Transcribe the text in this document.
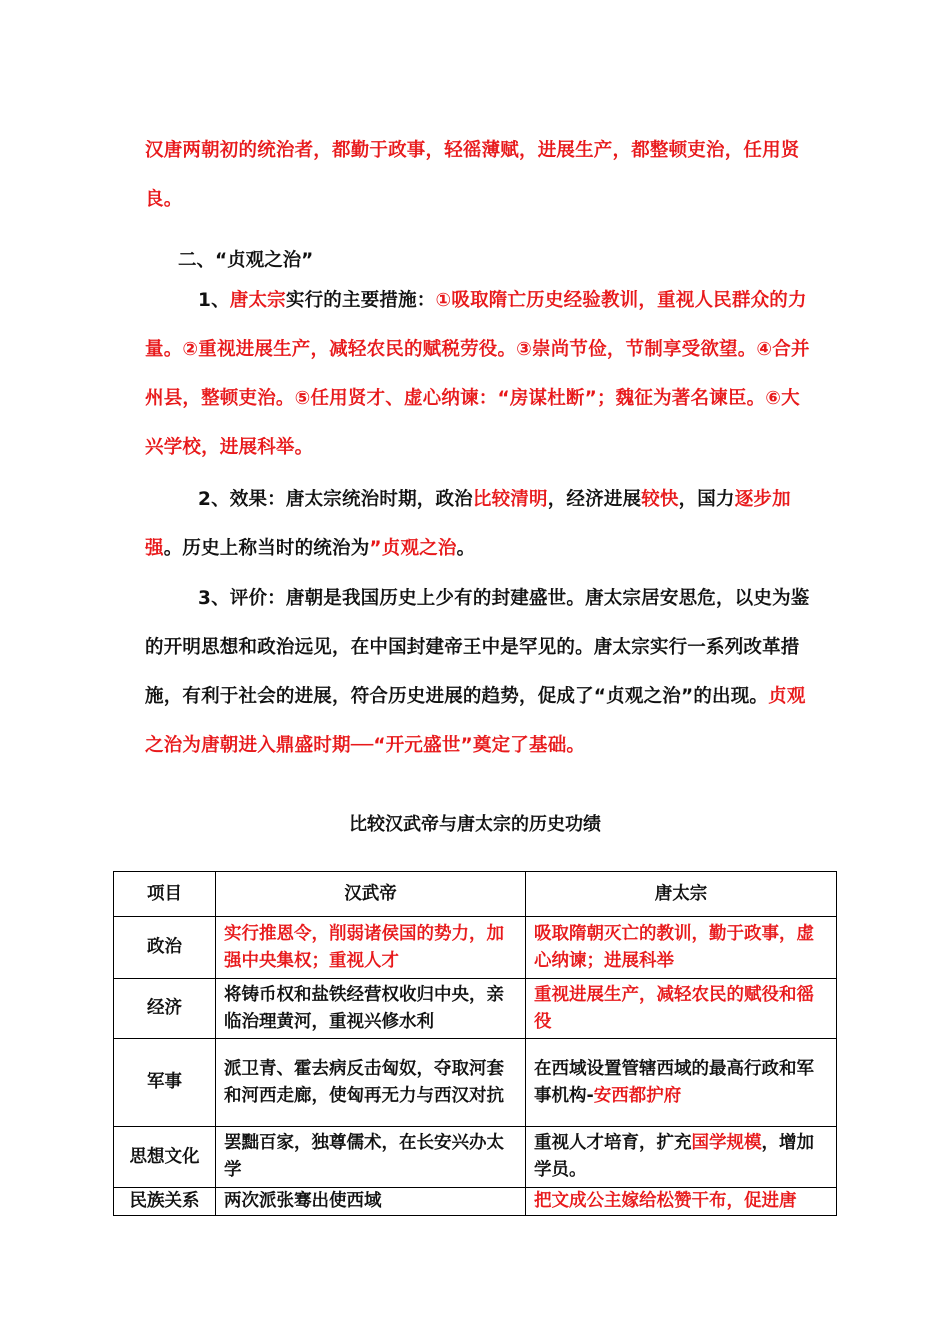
汉唐两朝初的统治者，都勤于政事，轻徭薄赋，进展生产，都整顿吏治，任用贤良。
二、“贞观之治”
1、唐太宗实行的主要措施：①吸取隋亡历史经验教训，重视人民群众的力量。②重视进展生产，减轻农民的赋税劳役。③崇尚节俭，节制享受欲望。④合并州县，整顿吏治。⑤任用贤才、虚心纳谏：“房谋杜断”；魏征为著名谏臣。⑥大兴学校，进展科举。
2、效果：唐太宗统治时期，政治比较清明，经济进展较快，国力逐步加强。历史上称当时的统治为”贞观之治。
3、评价：唐朝是我国历史上少有的封建盛世。唐太宗居安思危，以史为鉴的开明思想和政治远见，在中国封建帝王中是罕见的。唐太宗实行一系列改革措施，有利于社会的进展，符合历史进展的趋势，促成了“贞观之治”的出现。贞观之治为唐朝进入鼎盛时期──“开元盛世”奠定了基础。
比较汉武帝与唐太宗的历史功绩
项目	汉武帝	唐太宗
政治	实行推恩令，削弱诸侯国的势力，加强中央集权；重视人才	吸取隋朝灭亡的教训，勤于政事，虚心纳谏；进展科举
经济	将铸币权和盐铁经营权收归中央，亲临治理黄河，重视兴修水利	重视进展生产，减轻农民的赋役和徭役
军事	派卫青、霍去病反击匈奴，夺取河套和河西走廊，使匈再无力与西汉对抗	在西域设置管辖西域的最高行政和军事机构-安西都护府
思想文化	罢黜百家，独尊儒术，在长安兴办太学	重视人才培育，扩充国学规模，增加学员。
民族关系	两次派张骞出使西域	把文成公主嫁给松赞干布，促进唐
